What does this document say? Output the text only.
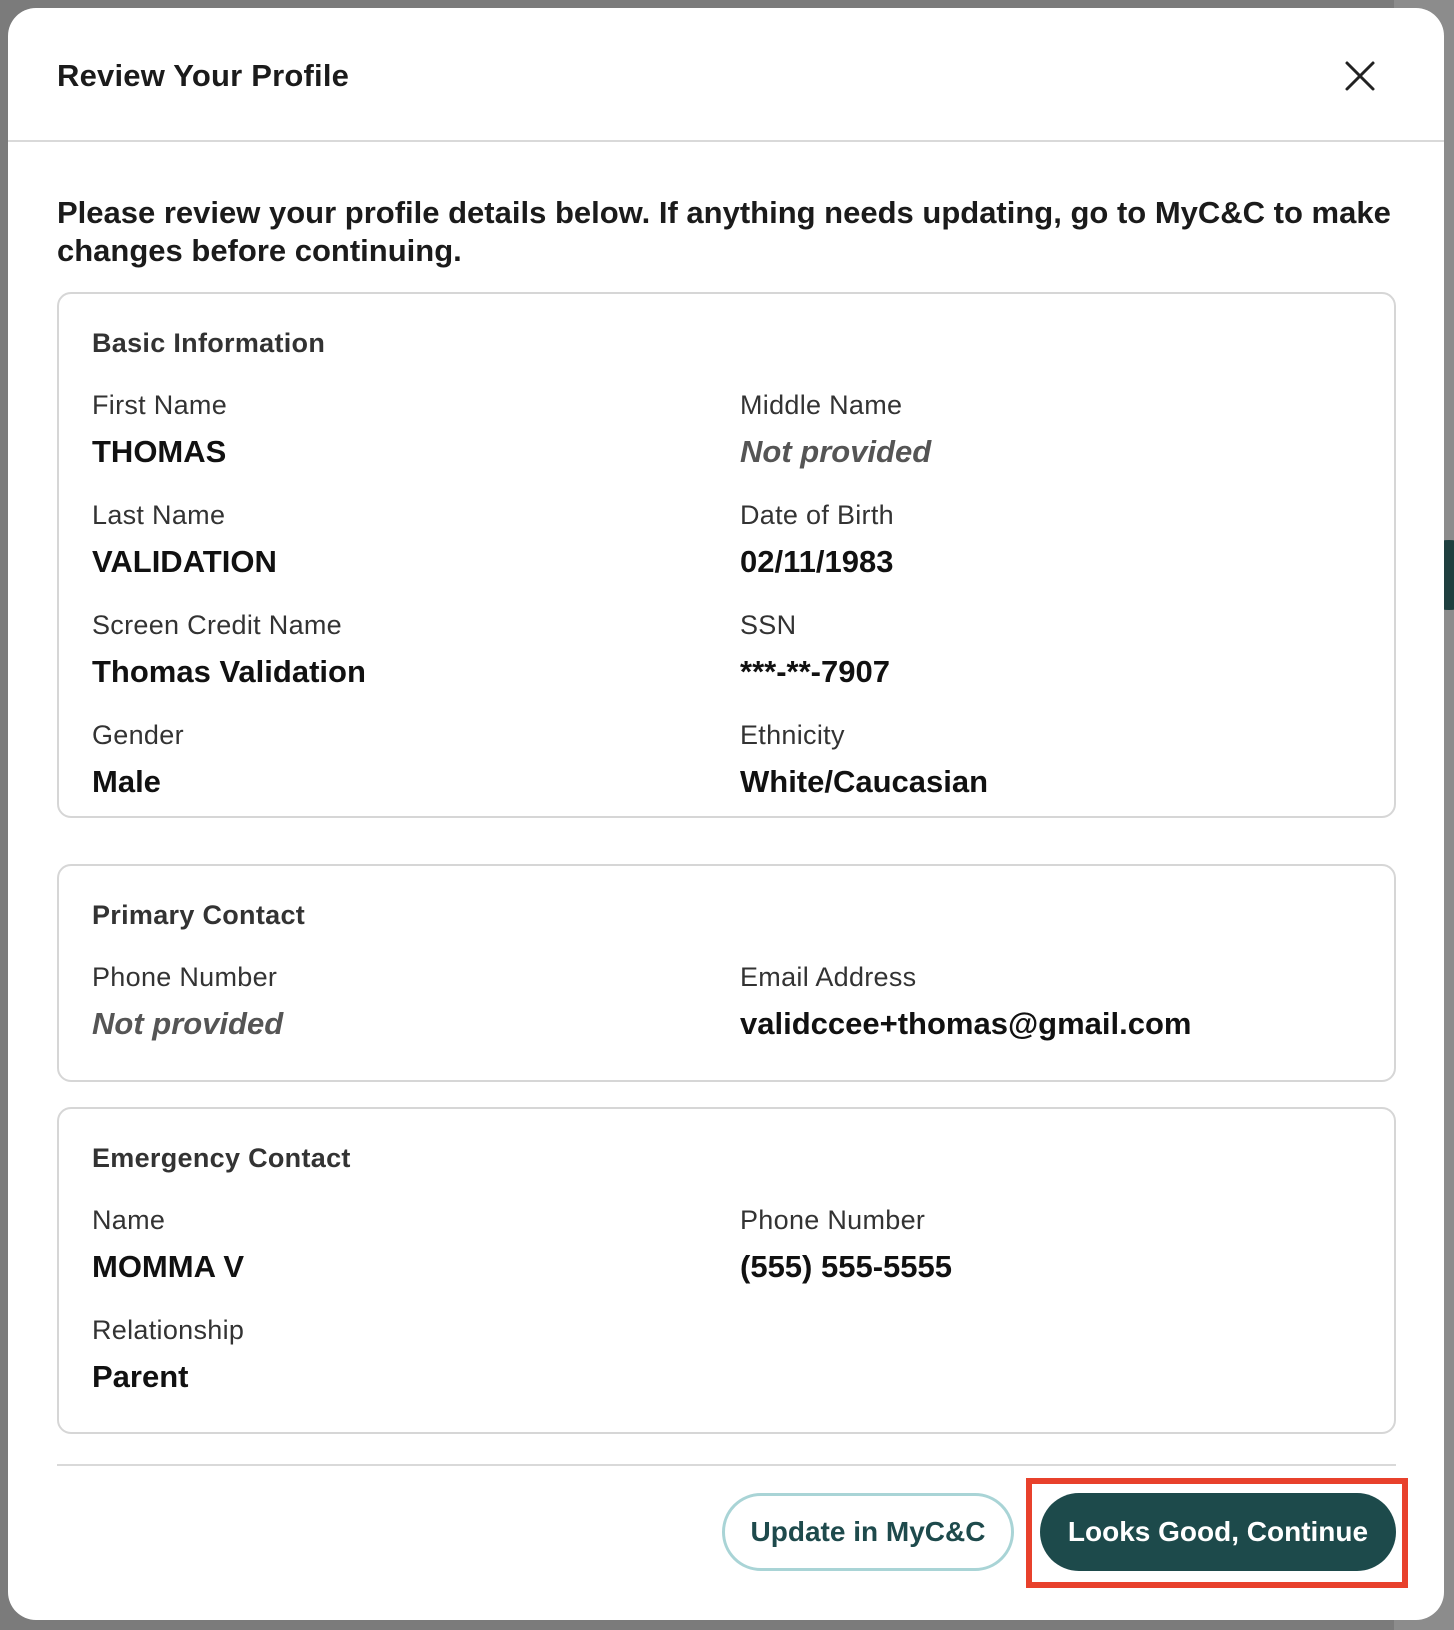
Review Your Profile
Please review your profile details below. If anything needs updating, go to MyC&C to make changes before continuing.
Basic Information
First Name
THOMAS
Middle Name
Not provided
Last Name
VALIDATION
Date of Birth
02/11/1983
Screen Credit Name
Thomas Validation
SSN
***-**-7907
Gender
Male
Ethnicity
White/Caucasian
Primary Contact
Phone Number
Not provided
Email Address
validccee+thomas@gmail.com
Emergency Contact
Name
MOMMA V
Phone Number
(555) 555-5555
Relationship
Parent
Update in MyC&C	Looks Good, Continue
